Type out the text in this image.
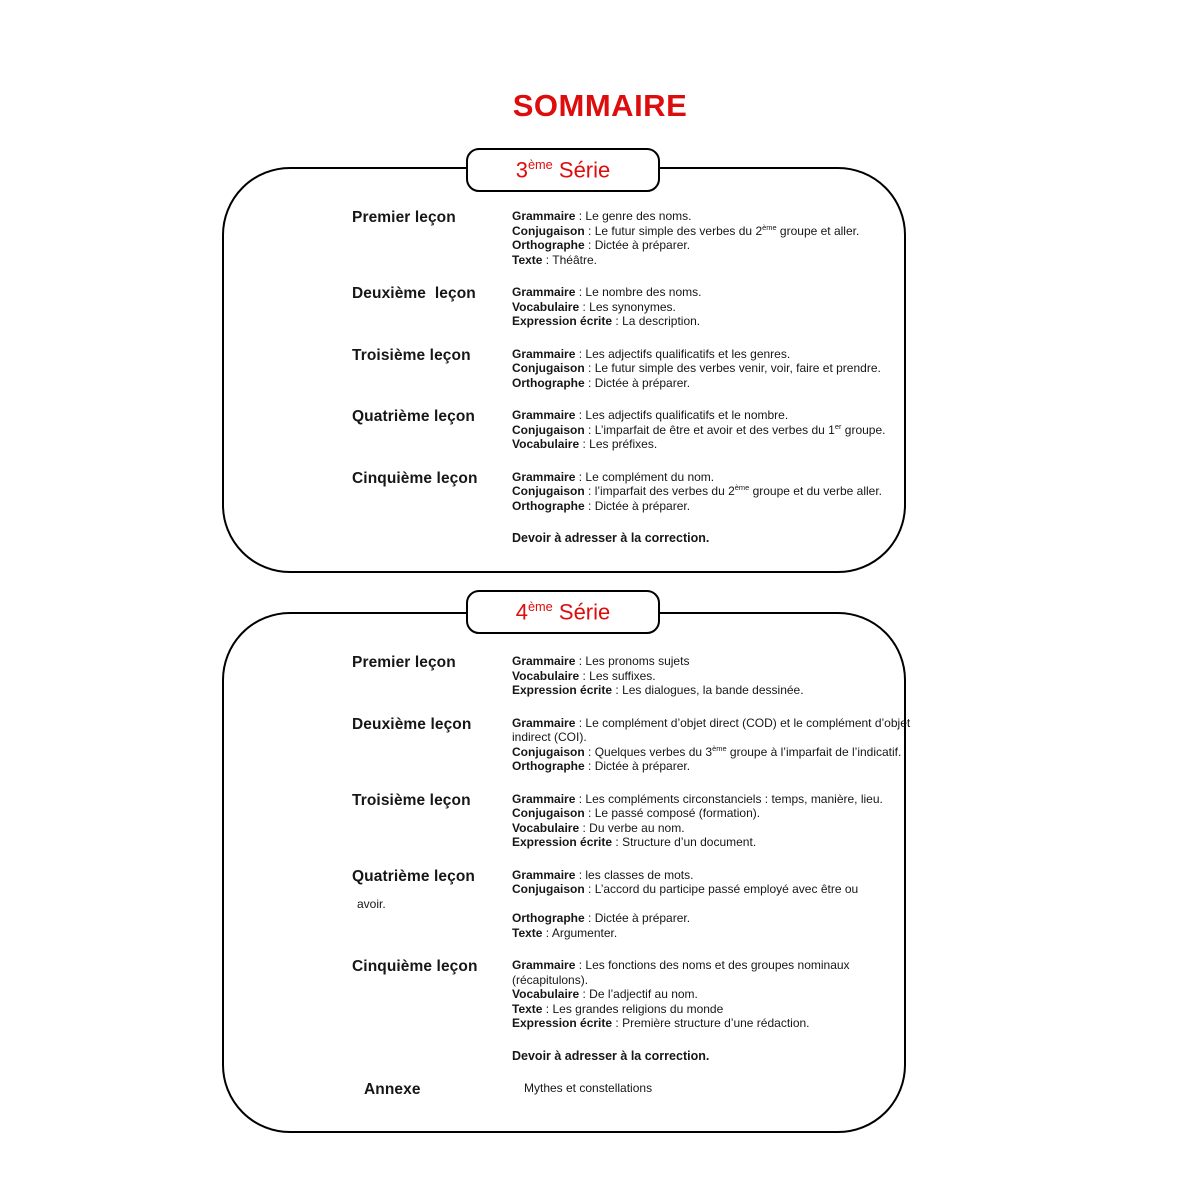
SOMMAIRE
3ème Série
Premier leçon	Grammaire : Le genre des noms.

Conjugaison : Le futur simple des verbes du 2ème groupe et aller.

Orthographe : Dictée à préparer.

Texte : Théâtre.

Deuxième  leçon	Grammaire : Le nombre des noms.

Vocabulaire : Les synonymes.

Expression écrite : La description.

Troisième leçon	Grammaire : Les adjectifs qualificatifs et les genres.

Conjugaison : Le futur simple des verbes venir, voir, faire et prendre.

Orthographe : Dictée à préparer.

Quatrième leçon	Grammaire : Les adjectifs qualificatifs et le nombre.

Conjugaison : L’imparfait de être et avoir et des verbes du 1er groupe.

Vocabulaire : Les préfixes.

Cinquième leçon	Grammaire : Le complément du nom.

Conjugaison : l’imparfait des verbes du 2ème groupe et du verbe aller.

Orthographe : Dictée à préparer.

Devoir à adresser à la correction.

4ème Série
Premier leçon	Grammaire : Les pronoms sujets

Vocabulaire : Les suffixes.

Expression écrite : Les dialogues, la bande dessinée.

Deuxième leçon	Grammaire : Le complément d’objet direct (COD) et le complément d’objet indirect (COI).

Conjugaison : Quelques verbes du 3ème groupe à l’imparfait de l’indicatif.

Orthographe : Dictée à préparer.

Troisième leçon	Grammaire : Les compléments circonstanciels : temps, manière, lieu.

Conjugaison : Le passé composé (formation).

Vocabulaire : Du verbe au nom.

Expression écrite : Structure d’un document.

Quatrième leçon	Grammaire : les classes de mots.

Conjugaison : L’accord du participe passé employé avec être ou

avoir.

Orthographe : Dictée à préparer.

Texte : Argumenter.

Cinquième leçon	Grammaire : Les fonctions des noms et des groupes nominaux (récapitulons).

Vocabulaire : De l’adjectif au nom.

Texte : Les grandes religions du monde

Expression écrite : Première structure d’une rédaction.

Devoir à adresser à la correction.

Annexe	Mythes et constellations
